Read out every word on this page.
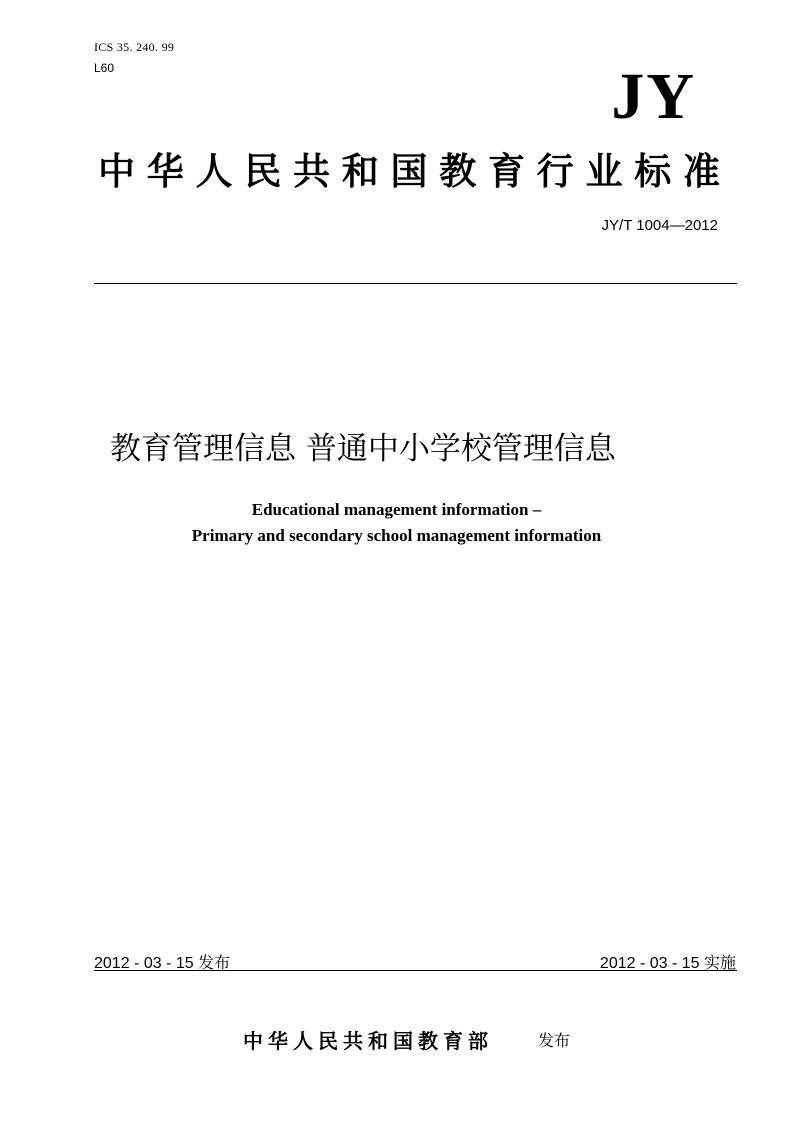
ICS 35. 240. 99
L60	JY
中华人民共和国教育行业标准
JY/T 1004—2012
教育管理信息 普通中小学校管理信息
Educational management information –
Primary and secondary school management information
2012 - 03 - 15 发布	2012 - 03 - 15 实施
中华人民共和国教育部	发布
